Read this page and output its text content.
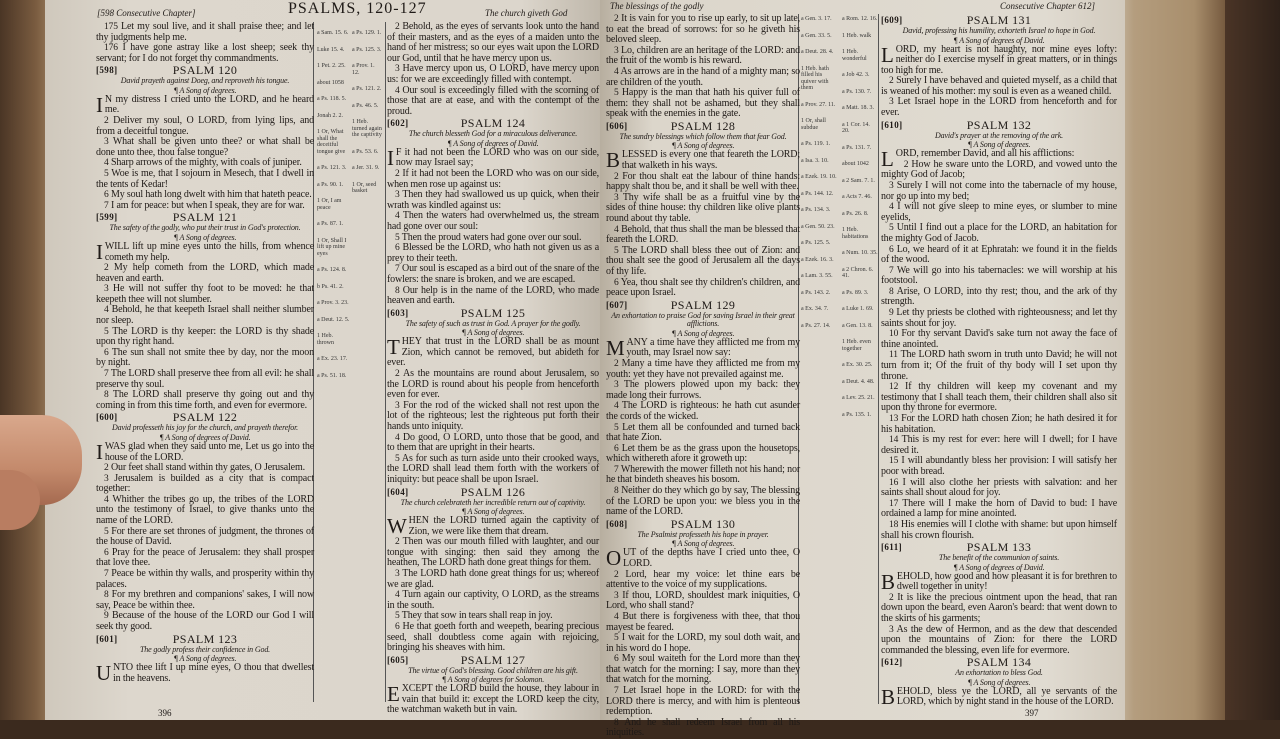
[598 Consecutive Chapter]	PSALMS, 120-127	The church giveth God
396
The blessings of the godly	Consecutive Chapter 612]
397
a Sam. 15. 6.
Luke 15. 4.
1 Pet. 2. 25.
about 1058
a Ps. 118. 5.
Jonah 2. 2.
1 Or, What shall the deceitful tongue give
a Ps. 121. 3.
a Ps. 90. 1.
1 Or, I am peace
a Ps. 87. 1.
1 Or, Shall I lift up mine eyes
a Ps. 124. 8.
b Ps. 41. 2.
a Prov. 3. 23.
a Deut. 12. 5.
1 Heb. thrown
a Ex. 23. 17.
a Ps. 51. 18.
a Ps. 129. 1.
a Ps. 125. 3.
a Prov. 1. 12.
a Ps. 121. 2.
a Ps. 46. 5.
1 Heb. turned again the captivity
a Ps. 53. 6.
a Jer. 31. 9.
1 Or, seed basket
a Gen. 3. 17.
a Gen. 33. 5.
a Deut. 28. 4.
1 Heb. hath filled his quiver with them
a Prov. 27. 11.
1 Or, shall subdue
a Ps. 119. 1.
a Isa. 3. 10.
a Ezek. 19. 10.
a Ps. 144. 12.
a Ps. 134. 3.
a Gen. 50. 23.
a Ps. 125. 5.
a Ezek. 16. 3.
a Lam. 3. 55.
a Ps. 143. 2.
a Ex. 34. 7.
a Ps. 27. 14.
a Rom. 12. 16.
1 Heb. walk
1 Heb. wonderful
a Job 42. 3.
a Ps. 130. 7.
a Matt. 18. 3.
a 1 Cor. 14. 20.
a Ps. 131. 7.
about 1042
a 2 Sam. 7. 1.
a Acts 7. 46.
a Ps. 26. 8.
1 Heb. habitations
a Num. 10. 35.
a 2 Chron. 6. 41.
a Ps. 89. 3.
a Luke 1. 69.
a Gen. 13. 8.
1 Heb. even together
a Ex. 30. 25.
a Deut. 4. 48.
a Lev. 25. 21.
a Ps. 135. 1.

175 Let my soul live, and it shall praise thee; and let thy judgments help me.

176 I have gone astray like a lost sheep; seek thy servant; for I do not forget thy commandments.

[598]	PSALM 120
David prayeth against Doeg, and reproveth his tongue.
¶ A Song of degrees.

I N my distress I cried unto the LORD, and he heard me.

2 Deliver my soul, O LORD, from lying lips, and from a deceitful tongue.

3 What shall be given unto thee? or what shall be done unto thee, thou false tongue?

4 Sharp arrows of the mighty, with coals of juniper.

5 Woe is me, that I sojourn in Mesech, that I dwell in the tents of Kedar!

6 My soul hath long dwelt with him that hateth peace.

7 I am for peace: but when I speak, they are for war.

[599]	PSALM 121
The safety of the godly, who put their trust in God's protection.
¶ A Song of degrees.

I WILL lift up mine eyes unto the hills, from whence cometh my help.

2 My help cometh from the LORD, which made heaven and earth.

3 He will not suffer thy foot to be moved: he that keepeth thee will not slumber.

4 Behold, he that keepeth Israel shall neither slumber nor sleep.

5 The LORD is thy keeper: the LORD is thy shade upon thy right hand.

6 The sun shall not smite thee by day, nor the moon by night.

7 The LORD shall preserve thee from all evil: he shall preserve thy soul.

8 The LORD shall preserve thy going out and thy coming in from this time forth, and even for evermore.

[600]	PSALM 122
David professeth his joy for the church, and prayeth therefor.
¶ A Song of degrees of David.

I WAS glad when they said unto me, Let us go into the house of the LORD.

2 Our feet shall stand within thy gates, O Jerusalem.

3 Jerusalem is builded as a city that is compact together:

4 Whither the tribes go up, the tribes of the LORD unto the testimony of Israel, to give thanks unto the name of the LORD.

5 For there are set thrones of judgment, the thrones of the house of David.

6 Pray for the peace of Jerusalem: they shall prosper that love thee.

7 Peace be within thy walls, and prosperity within thy palaces.

8 For my brethren and companions' sakes, I will now say, Peace be within thee.

9 Because of the house of the LORD our God I will seek thy good.

[601]	PSALM 123
The godly profess their confidence in God.
¶ A Song of degrees.

UNTO thee lift I up mine eyes, O thou that dwellest in the heavens.

2 Behold, as the eyes of servants look unto the hand of their masters, and as the eyes of a maiden unto the hand of her mistress; so our eyes wait upon the LORD our God, until that he have mercy upon us.

3 Have mercy upon us, O LORD, have mercy upon us: for we are exceedingly filled with contempt.

4 Our soul is exceedingly filled with the scorning of those that are at ease, and with the contempt of the proud.

[602]	PSALM 124
The church blesseth God for a miraculous deliverance.
¶ A Song of degrees of David.

I F it had not been the LORD who was on our side, now may Israel say;

2 If it had not been the LORD who was on our side, when men rose up against us:

3 Then they had swallowed us up quick, when their wrath was kindled against us:

4 Then the waters had overwhelmed us, the stream had gone over our soul:

5 Then the proud waters had gone over our soul.

6 Blessed be the LORD, who hath not given us as a prey to their teeth.

7 Our soul is escaped as a bird out of the snare of the fowlers: the snare is broken, and we are escaped.

8 Our help is in the name of the LORD, who made heaven and earth.

[603]	PSALM 125
The safety of such as trust in God. A prayer for the godly.
¶ A Song of degrees.

THEY that trust in the LORD shall be as mount Zion, which cannot be removed, but abideth for ever.

2 As the mountains are round about Jerusalem, so the LORD is round about his people from henceforth even for ever.

3 For the rod of the wicked shall not rest upon the lot of the righteous; lest the righteous put forth their hands unto iniquity.

4 Do good, O LORD, unto those that be good, and to them that are upright in their hearts.

5 As for such as turn aside unto their crooked ways, the LORD shall lead them forth with the workers of iniquity: but peace shall be upon Israel.

[604]	PSALM 126
The church celebrateth her incredible return out of captivity.
¶ A Song of degrees.

WHEN the LORD turned again the captivity of Zion, we were like them that dream.

2 Then was our mouth filled with laughter, and our tongue with singing: then said they among the heathen, The LORD hath done great things for them.

3 The LORD hath done great things for us; whereof we are glad.

4 Turn again our captivity, O LORD, as the streams in the south.

5 They that sow in tears shall reap in joy.

6 He that goeth forth and weepeth, bearing precious seed, shall doubtless come again with rejoicing, bringing his sheaves with him.

[605]	PSALM 127
The virtue of God's blessing. Good children are his gift.
¶ A Song of degrees for Solomon.

EXCEPT the LORD build the house, they labour in vain that build it: except the LORD keep the city, the watchman waketh but in vain.

2 It is vain for you to rise up early, to sit up late, to eat the bread of sorrows: for so he giveth his beloved sleep.

3 Lo, children are an heritage of the LORD: and the fruit of the womb is his reward.

4 As arrows are in the hand of a mighty man; so are children of the youth.

5 Happy is the man that hath his quiver full of them: they shall not be ashamed, but they shall speak with the enemies in the gate.

[606]	PSALM 128
The sundry blessings which follow them that fear God.
¶ A Song of degrees.

BLESSED is every one that feareth the LORD; that walketh in his ways.

2 For thou shalt eat the labour of thine hands: happy shalt thou be, and it shall be well with thee.

3 Thy wife shall be as a fruitful vine by the sides of thine house: thy children like olive plants round about thy table.

4 Behold, that thus shall the man be blessed that feareth the LORD.

5 The LORD shall bless thee out of Zion: and thou shalt see the good of Jerusalem all the days of thy life.

6 Yea, thou shalt see thy children's children, and peace upon Israel.

[607]	PSALM 129
An exhortation to praise God for saving Israel in their great afflictions.
¶ A Song of degrees.

MANY a time have they afflicted me from my youth, may Israel now say:

2 Many a time have they afflicted me from my youth: yet they have not prevailed against me.

3 The plowers plowed upon my back: they made long their furrows.

4 The LORD is righteous: he hath cut asunder the cords of the wicked.

5 Let them all be confounded and turned back that hate Zion.

6 Let them be as the grass upon the housetops, which withereth afore it groweth up:

7 Wherewith the mower filleth not his hand; nor he that bindeth sheaves his bosom.

8 Neither do they which go by say, The blessing of the LORD be upon you: we bless you in the name of the LORD.

[608]	PSALM 130
The Psalmist professeth his hope in prayer.
¶ A Song of degrees.

OUT of the depths have I cried unto thee, O LORD.

2 Lord, hear my voice: let thine ears be attentive to the voice of my supplications.

3 If thou, LORD, shouldest mark iniquities, O Lord, who shall stand?

4 But there is forgiveness with thee, that thou mayest be feared.

5 I wait for the LORD, my soul doth wait, and in his word do I hope.

6 My soul waiteth for the Lord more than they that watch for the morning: I say, more than they that watch for the morning.

7 Let Israel hope in the LORD: for with the LORD there is mercy, and with him is plenteous redemption.

8 And he shall redeem Israel from all his iniquities.

[609]	PSALM 131
David, professing his humility, exhorteth Israel to hope in God.
¶ A Song of degrees of David.

LORD, my heart is not haughty, nor mine eyes lofty: neither do I exercise myself in great matters, or in things too high for me.

2 Surely I have behaved and quieted myself, as a child that is weaned of his mother: my soul is even as a weaned child.

3 Let Israel hope in the LORD from henceforth and for ever.

[610]	PSALM 132
David's prayer at the removing of the ark.
¶ A Song of degrees.

LORD, remember David, and all his afflictions:

2 How he sware unto the LORD, and vowed unto the mighty God of Jacob;

3 Surely I will not come into the tabernacle of my house, nor go up into my bed;

4 I will not give sleep to mine eyes, or slumber to mine eyelids,

5 Until I find out a place for the LORD, an habitation for the mighty God of Jacob.

6 Lo, we heard of it at Ephratah: we found it in the fields of the wood.

7 We will go into his tabernacles: we will worship at his footstool.

8 Arise, O LORD, into thy rest; thou, and the ark of thy strength.

9 Let thy priests be clothed with righteousness; and let thy saints shout for joy.

10 For thy servant David's sake turn not away the face of thine anointed.

11 The LORD hath sworn in truth unto David; he will not turn from it; Of the fruit of thy body will I set upon thy throne.

12 If thy children will keep my covenant and my testimony that I shall teach them, their children shall also sit upon thy throne for evermore.

13 For the LORD hath chosen Zion; he hath desired it for his habitation.

14 This is my rest for ever: here will I dwell; for I have desired it.

15 I will abundantly bless her provision: I will satisfy her poor with bread.

16 I will also clothe her priests with salvation: and her saints shall shout aloud for joy.

17 There will I make the horn of David to bud: I have ordained a lamp for mine anointed.

18 His enemies will I clothe with shame: but upon himself shall his crown flourish.

[611]	PSALM 133
The benefit of the communion of saints.
¶ A Song of degrees of David.

BEHOLD, how good and how pleasant it is for brethren to dwell together in unity!

2 It is like the precious ointment upon the head, that ran down upon the beard, even Aaron's beard: that went down to the skirts of his garments;

3 As the dew of Hermon, and as the dew that descended upon the mountains of Zion: for there the LORD commanded the blessing, even life for evermore.

[612]	PSALM 134
An exhortation to bless God.
¶ A Song of degrees.

BEHOLD, bless ye the LORD, all ye servants of the LORD, which by night stand in the house of the LORD.
